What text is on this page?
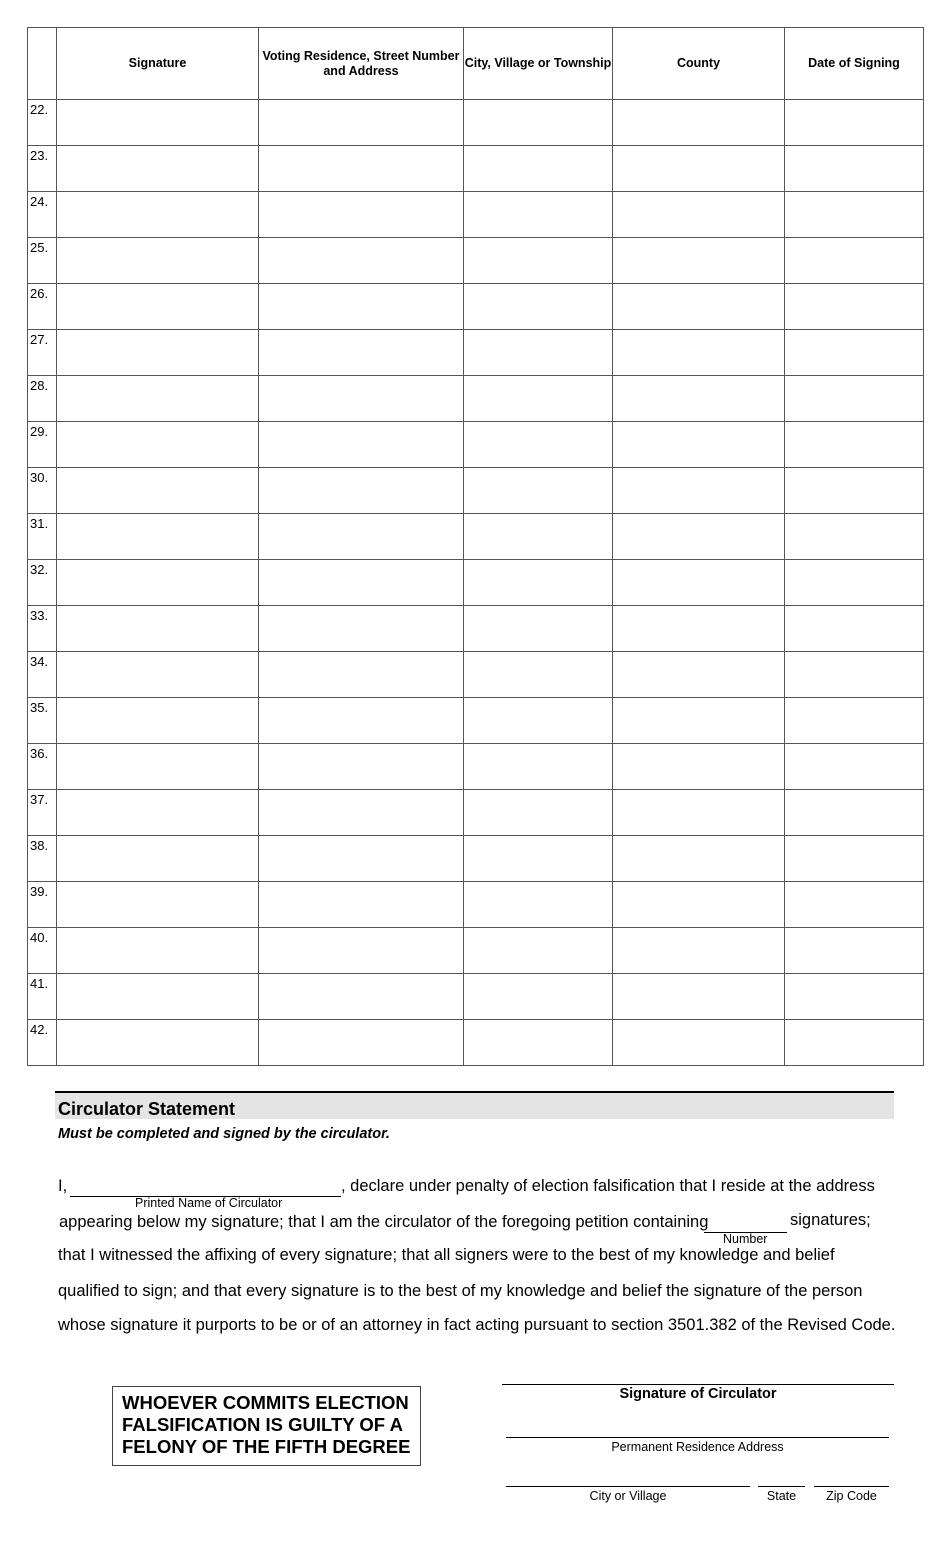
	Signature	Voting Residence, Street Number and Address	City, Village or Township	County	Date of Signing
22.					
23.					
24.					
25.					
26.					
27.					
28.					
29.					
30.					
31.					
32.					
33.					
34.					
35.					
36.					
37.					
38.					
39.					
40.					
41.					
42.					
Circulator Statement
Must be completed and signed by the circulator.
I,	, declare under penalty of election falsification that I reside at the address
Printed Name of Circulator
appearing below my signature; that I am the circulator of the foregoing petition containing	signatures;
Number
that I witnessed the affixing of every signature; that all signers were to the best of my knowledge and belief
qualified to sign; and that every signature is to the best of my knowledge and belief the signature of the person
whose signature it purports to be or of an attorney in fact acting pursuant to section 3501.382 of the Revised Code.
WHOEVER COMMITS ELECTION
FALSIFICATION IS GUILTY OF A
FELONY OF THE FIFTH DEGREE
Signature of Circulator
Permanent Residence Address
City or Village	State	Zip Code
